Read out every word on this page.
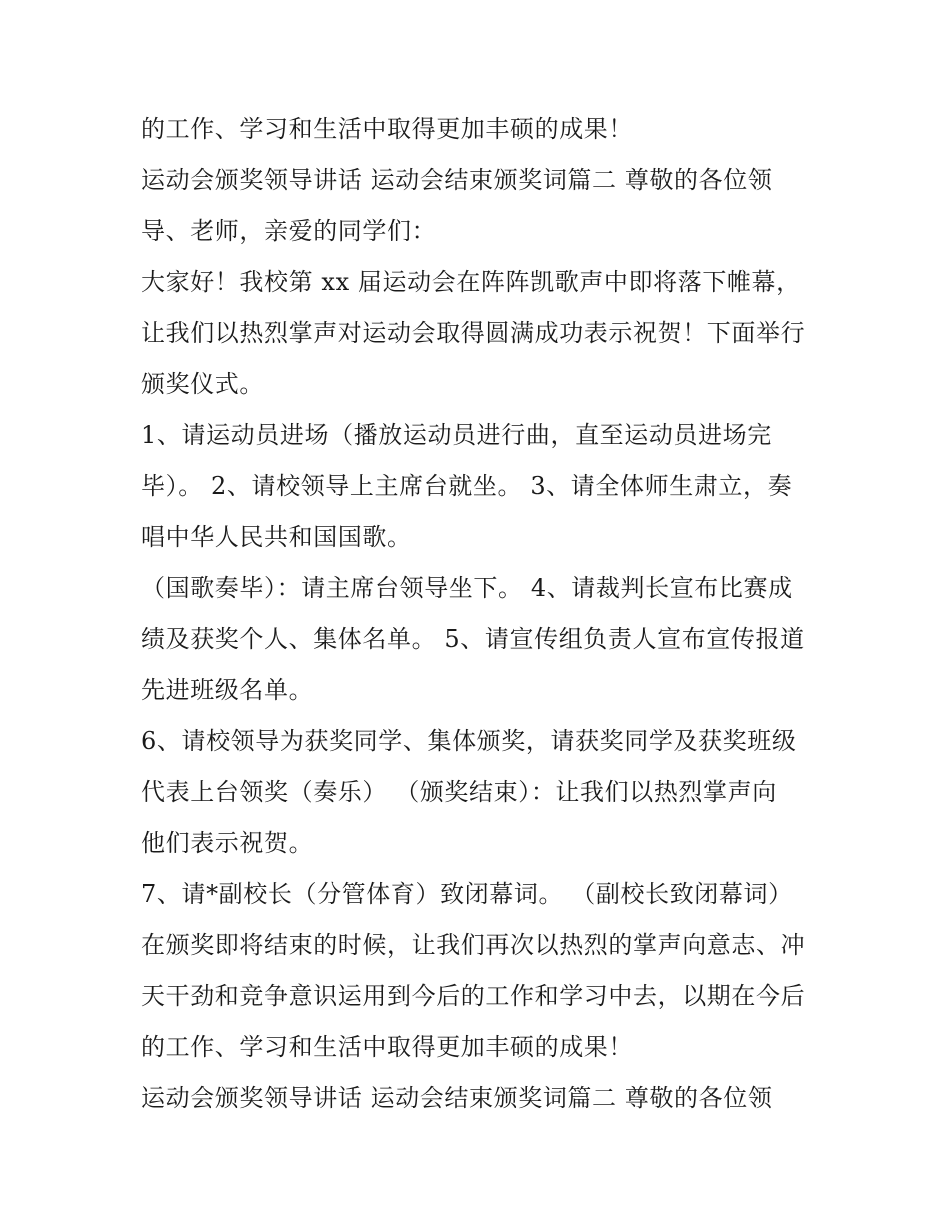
的工作、学习和生活中取得更加丰硕的成果！
运动会颁奖领导讲话 运动会结束颁奖词篇二 尊敬的各位领
导、老师，亲爱的同学们：
大家好！我校第 xx 届运动会在阵阵凯歌声中即将落下帷幕，
让我们以热烈掌声对运动会取得圆满成功表示祝贺！下面举行
颁奖仪式。
1、请运动员进场（播放运动员进行曲，直至运动员进场完
毕）。 2、请校领导上主席台就坐。 3、请全体师生肃立，奏
唱中华人民共和国国歌。
（国歌奏毕）：请主席台领导坐下。 4、请裁判长宣布比赛成
绩及获奖个人、集体名单。 5、请宣传组负责人宣布宣传报道
先进班级名单。
6、请校领导为获奖同学、集体颁奖，请获奖同学及获奖班级
代表上台领奖（奏乐） （颁奖结束）：让我们以热烈掌声向
他们表示祝贺。
7、请*副校长（分管体育）致闭幕词。 （副校长致闭幕词）
在颁奖即将结束的时候，让我们再次以热烈的掌声向意志、冲
天干劲和竞争意识运用到今后的工作和学习中去，以期在今后
的工作、学习和生活中取得更加丰硕的成果！
运动会颁奖领导讲话 运动会结束颁奖词篇二 尊敬的各位领
